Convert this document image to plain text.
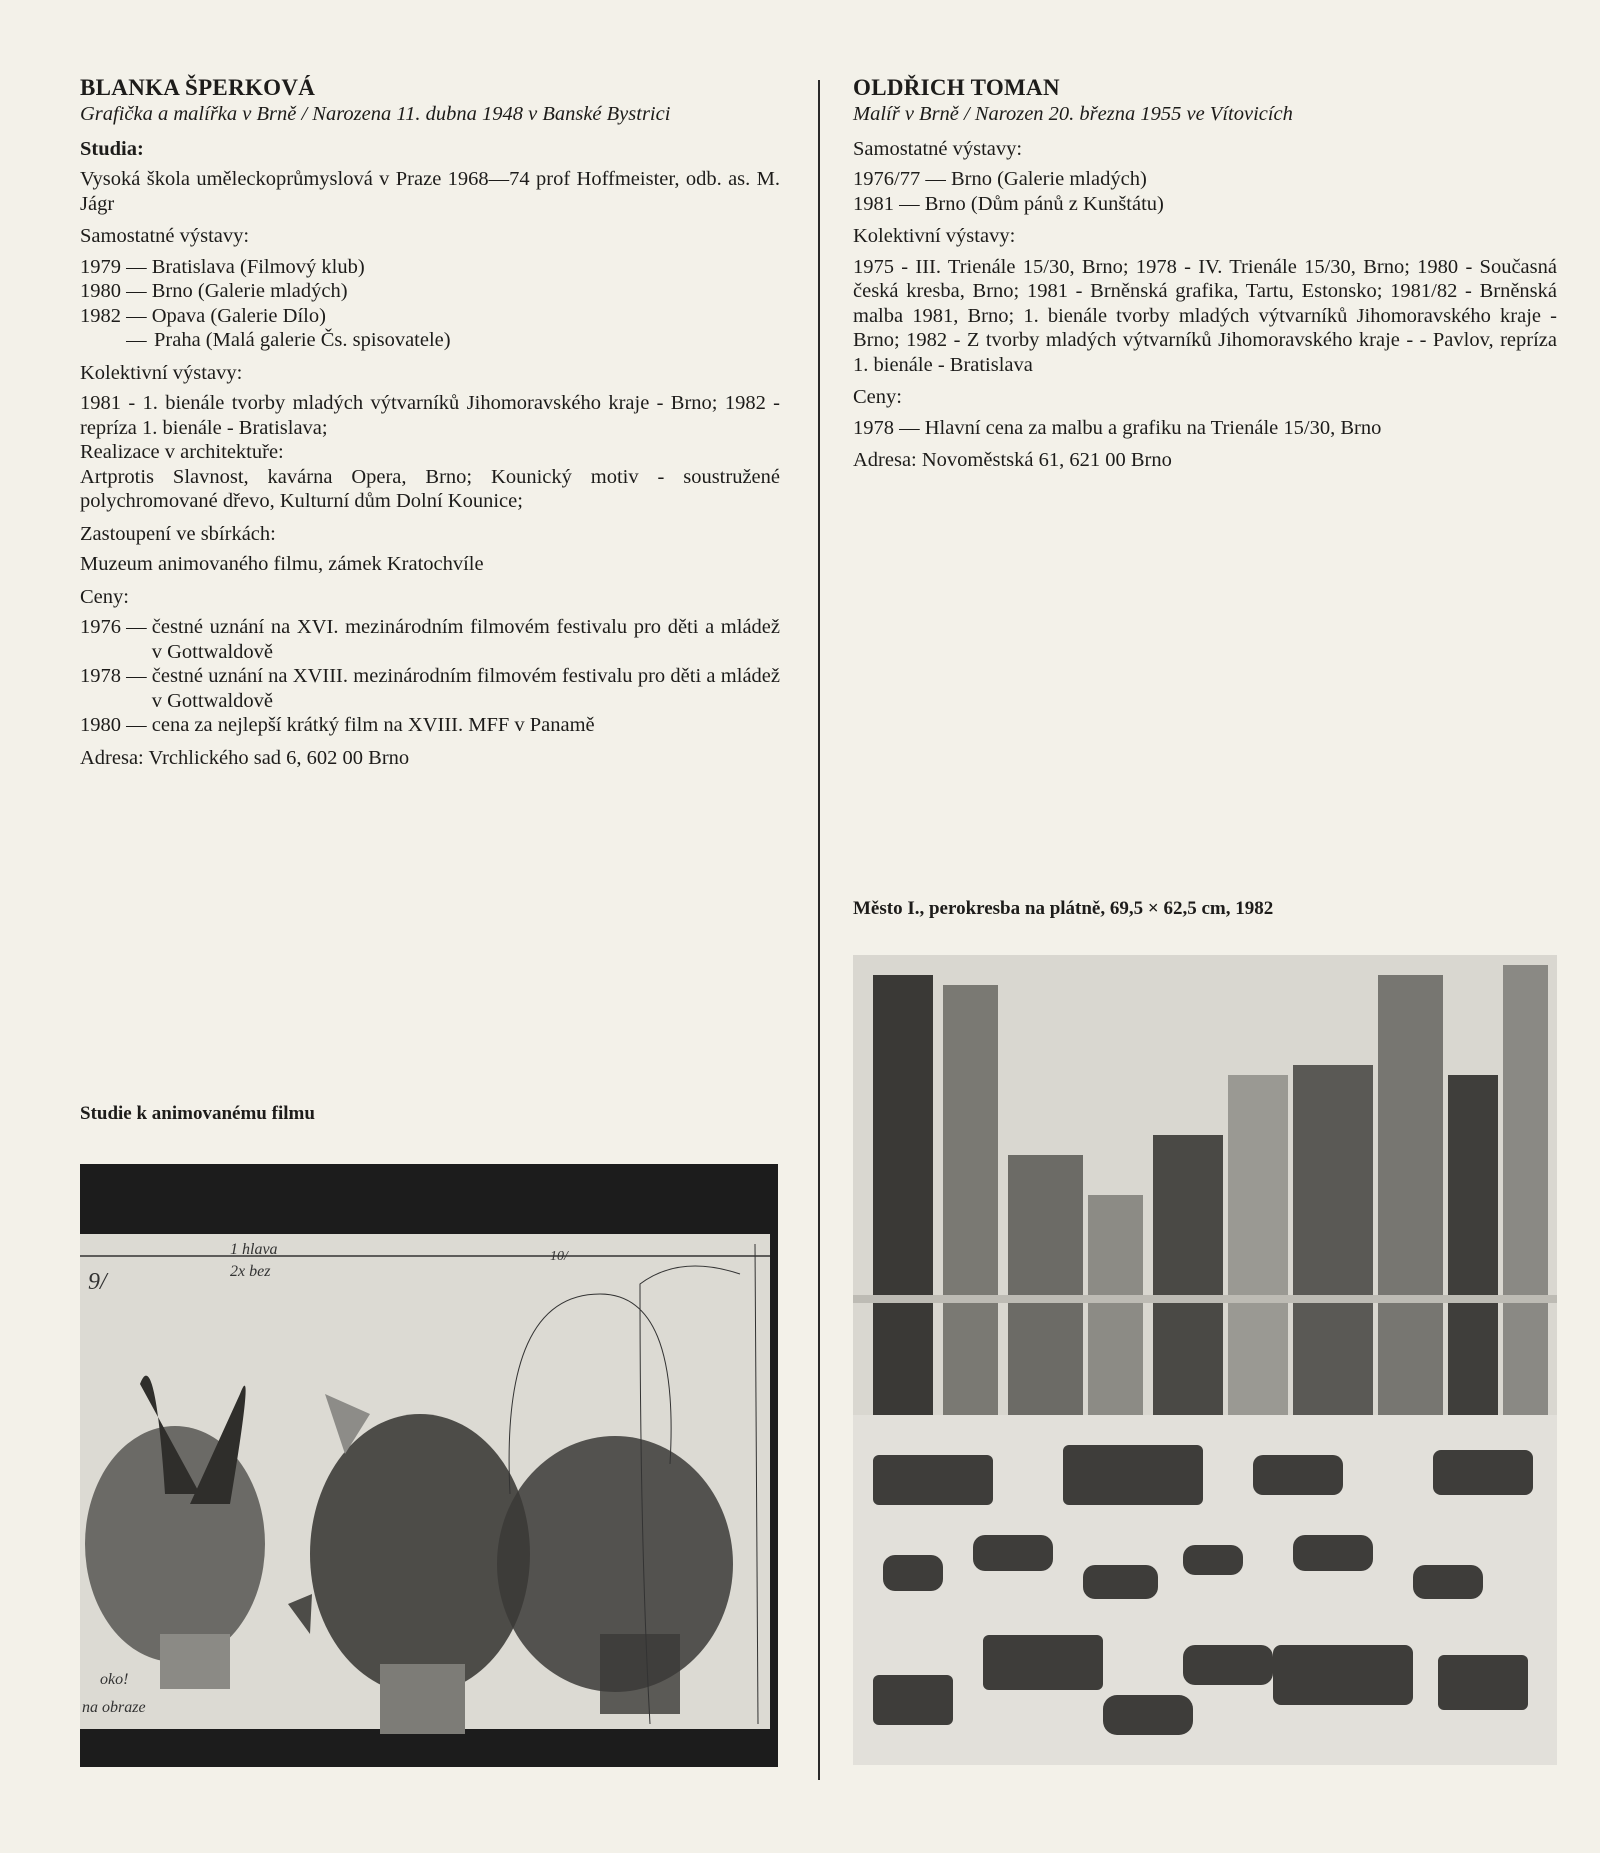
BLANKA ŠPERKOVÁ
Grafička a malířka v Brně / Narozena 11. dubna 1948 v Banské Bystrici
Studia:
Vysoká škola uměleckoprůmyslová v Praze 1968—74 prof Hoffmeister, odb. as. M. Jágr
Samostatné výstavy:
1979 — Bratislava (Filmový klub)
1980 — Brno (Galerie mladých)
1982 — Opava (Galerie Dílo)
— Praha (Malá galerie Čs. spisovatele)
Kolektivní výstavy:
1981 - 1. bienále tvorby mladých výtvarníků Jihomoravského kraje - Brno; 1982 - repríza 1. bienále - Bratislava;
Realizace v architektuře:
Artprotis Slavnost, kavárna Opera, Brno; Kounický motiv - soustružené polychromované dřevo, Kulturní dům Dolní Kounice;
Zastoupení ve sbírkách:
Muzeum animovaného filmu, zámek Kratochvíle
Ceny:
1976 — čestné uznání na XVI. mezinárodním filmovém festivalu pro děti a mládež v Gottwaldově
1978 — čestné uznání na XVIII. mezinárodním filmovém festivalu pro děti a mládež v Gottwaldově
1980 — cena za nejlepší krátký film na XVIII. MFF v Panamě
Adresa: Vrchlického sad 6, 602 00 Brno
OLDŘICH TOMAN
Malíř v Brně / Narozen 20. března 1955 ve Vítovicích
Samostatné výstavy:
1976/77 — Brno (Galerie mladých)
1981 — Brno (Dům pánů z Kunštátu)
Kolektivní výstavy:
1975 - III. Trienále 15/30, Brno; 1978 - IV. Trienále 15/30, Brno; 1980 - Současná česká kresba, Brno; 1981 - Brněnská grafika, Tartu, Estonsko; 1981/82 - Brněnská malba 1981, Brno; 1. bienále tvorby mladých výtvarníků Jihomoravského kraje - Brno; 1982 - Z tvorby mladých výtvarníků Jihomoravského kraje - - Pavlov, repríza 1. bienále - Bratislava
Ceny:
1978 — Hlavní cena za malbu a grafiku na Trienále 15/30, Brno
Adresa: Novoměstská 61, 621 00 Brno
Studie k animovanému filmu
9/
1 hlava
2x bez
10/
oko!
na obraze
Město I., perokresba na plátně, 69,5 × 62,5 cm, 1982
